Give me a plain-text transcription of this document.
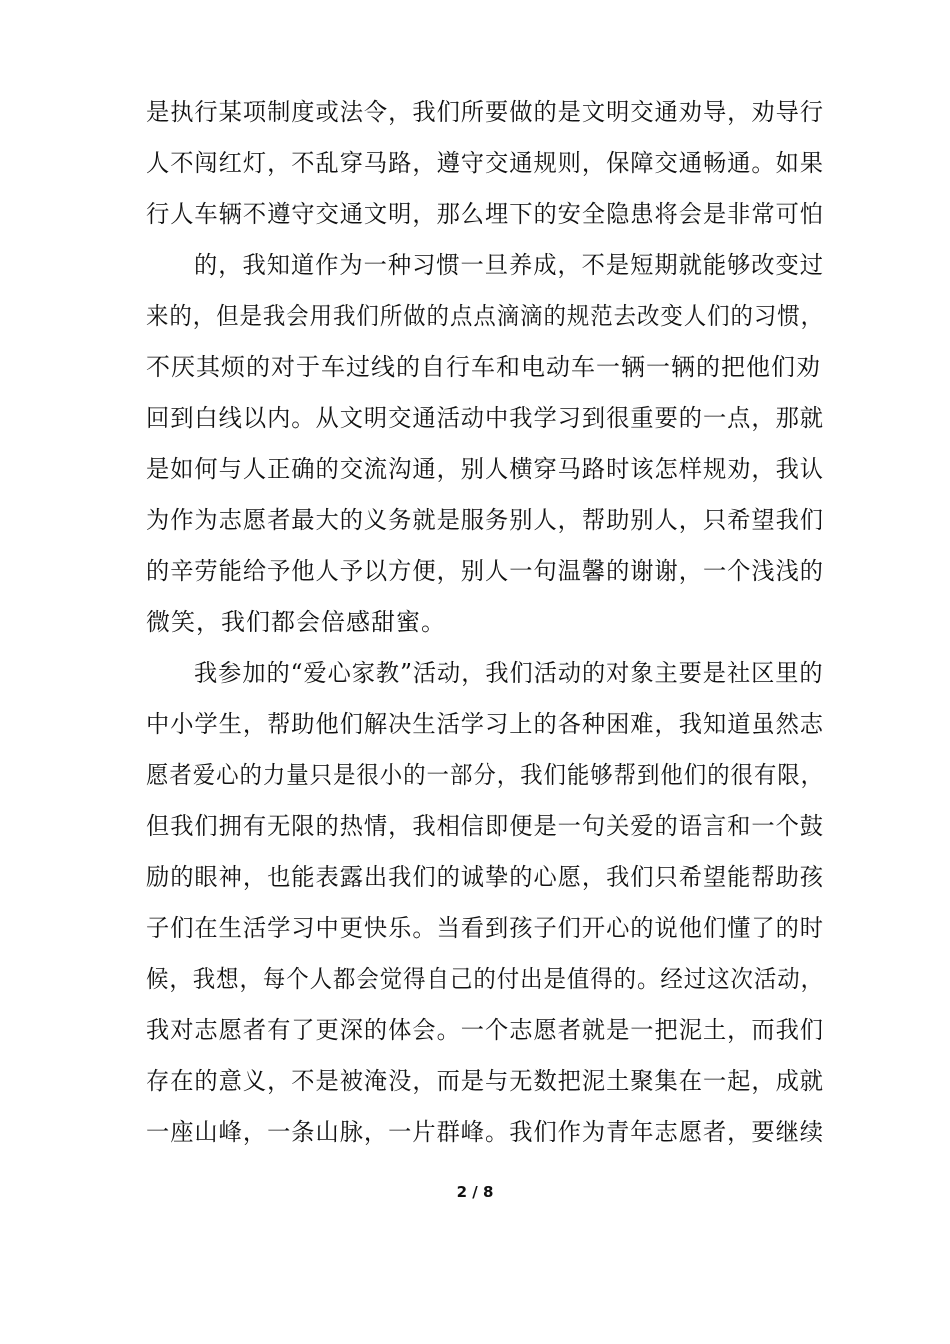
是执行某项制度或法令，我们所要做的是文明交通劝导，劝导行
人不闯红灯，不乱穿马路，遵守交通规则，保障交通畅通。如果
行人车辆不遵守交通文明，那么埋下的安全隐患将会是非常可怕
的，我知道作为一种习惯一旦养成，不是短期就能够改变过
来的，但是我会用我们所做的点点滴滴的规范去改变人们的习惯，
不厌其烦的对于车过线的自行车和电动车一辆一辆的把他们劝
回到白线以内。从文明交通活动中我学习到很重要的一点，那就
是如何与人正确的交流沟通，别人横穿马路时该怎样规劝，我认
为作为志愿者最大的义务就是服务别人，帮助别人，只希望我们
的辛劳能给予他人予以方便，别人一句温馨的谢谢，一个浅浅的
微笑，我们都会倍感甜蜜。
我参加的“爱心家教”活动，我们活动的对象主要是社区里的
中小学生，帮助他们解决生活学习上的各种困难，我知道虽然志
愿者爱心的力量只是很小的一部分，我们能够帮到他们的很有限，
但我们拥有无限的热情，我相信即便是一句关爱的语言和一个鼓
励的眼神，也能表露出我们的诚挚的心愿，我们只希望能帮助孩
子们在生活学习中更快乐。当看到孩子们开心的说他们懂了的时
候，我想，每个人都会觉得自己的付出是值得的。经过这次活动，
我对志愿者有了更深的体会。一个志愿者就是一把泥土，而我们
存在的意义，不是被淹没，而是与无数把泥土聚集在一起，成就
一座山峰，一条山脉，一片群峰。我们作为青年志愿者，要继续
2 / 8
